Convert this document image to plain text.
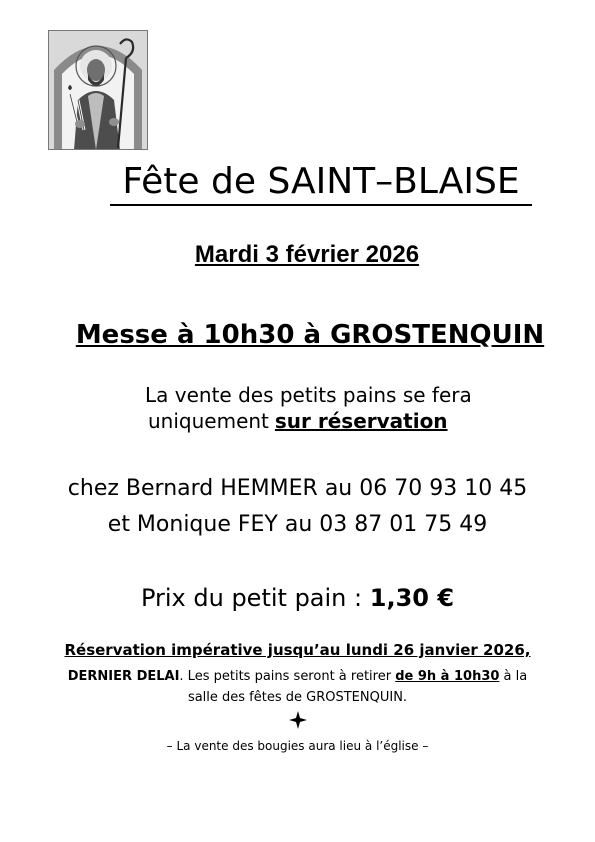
Fête de SAINT–BLAISE
Mardi 3 février 2026
Messe à 10h30 à GROSTENQUIN
La vente des petits pains se fera
uniquement sur réservation
chez Bernard HEMMER au 06 70 93 10 45
et Monique FEY au 03 87 01 75 49
Prix du petit pain : 1,30 €
Réservation impérative jusqu’au lundi 26 janvier 2026,
DERNIER DELAI. Les petits pains seront à retirer de 9h à 10h30 à la
salle des fêtes de GROSTENQUIN.
– La vente des bougies aura lieu à l’église –
